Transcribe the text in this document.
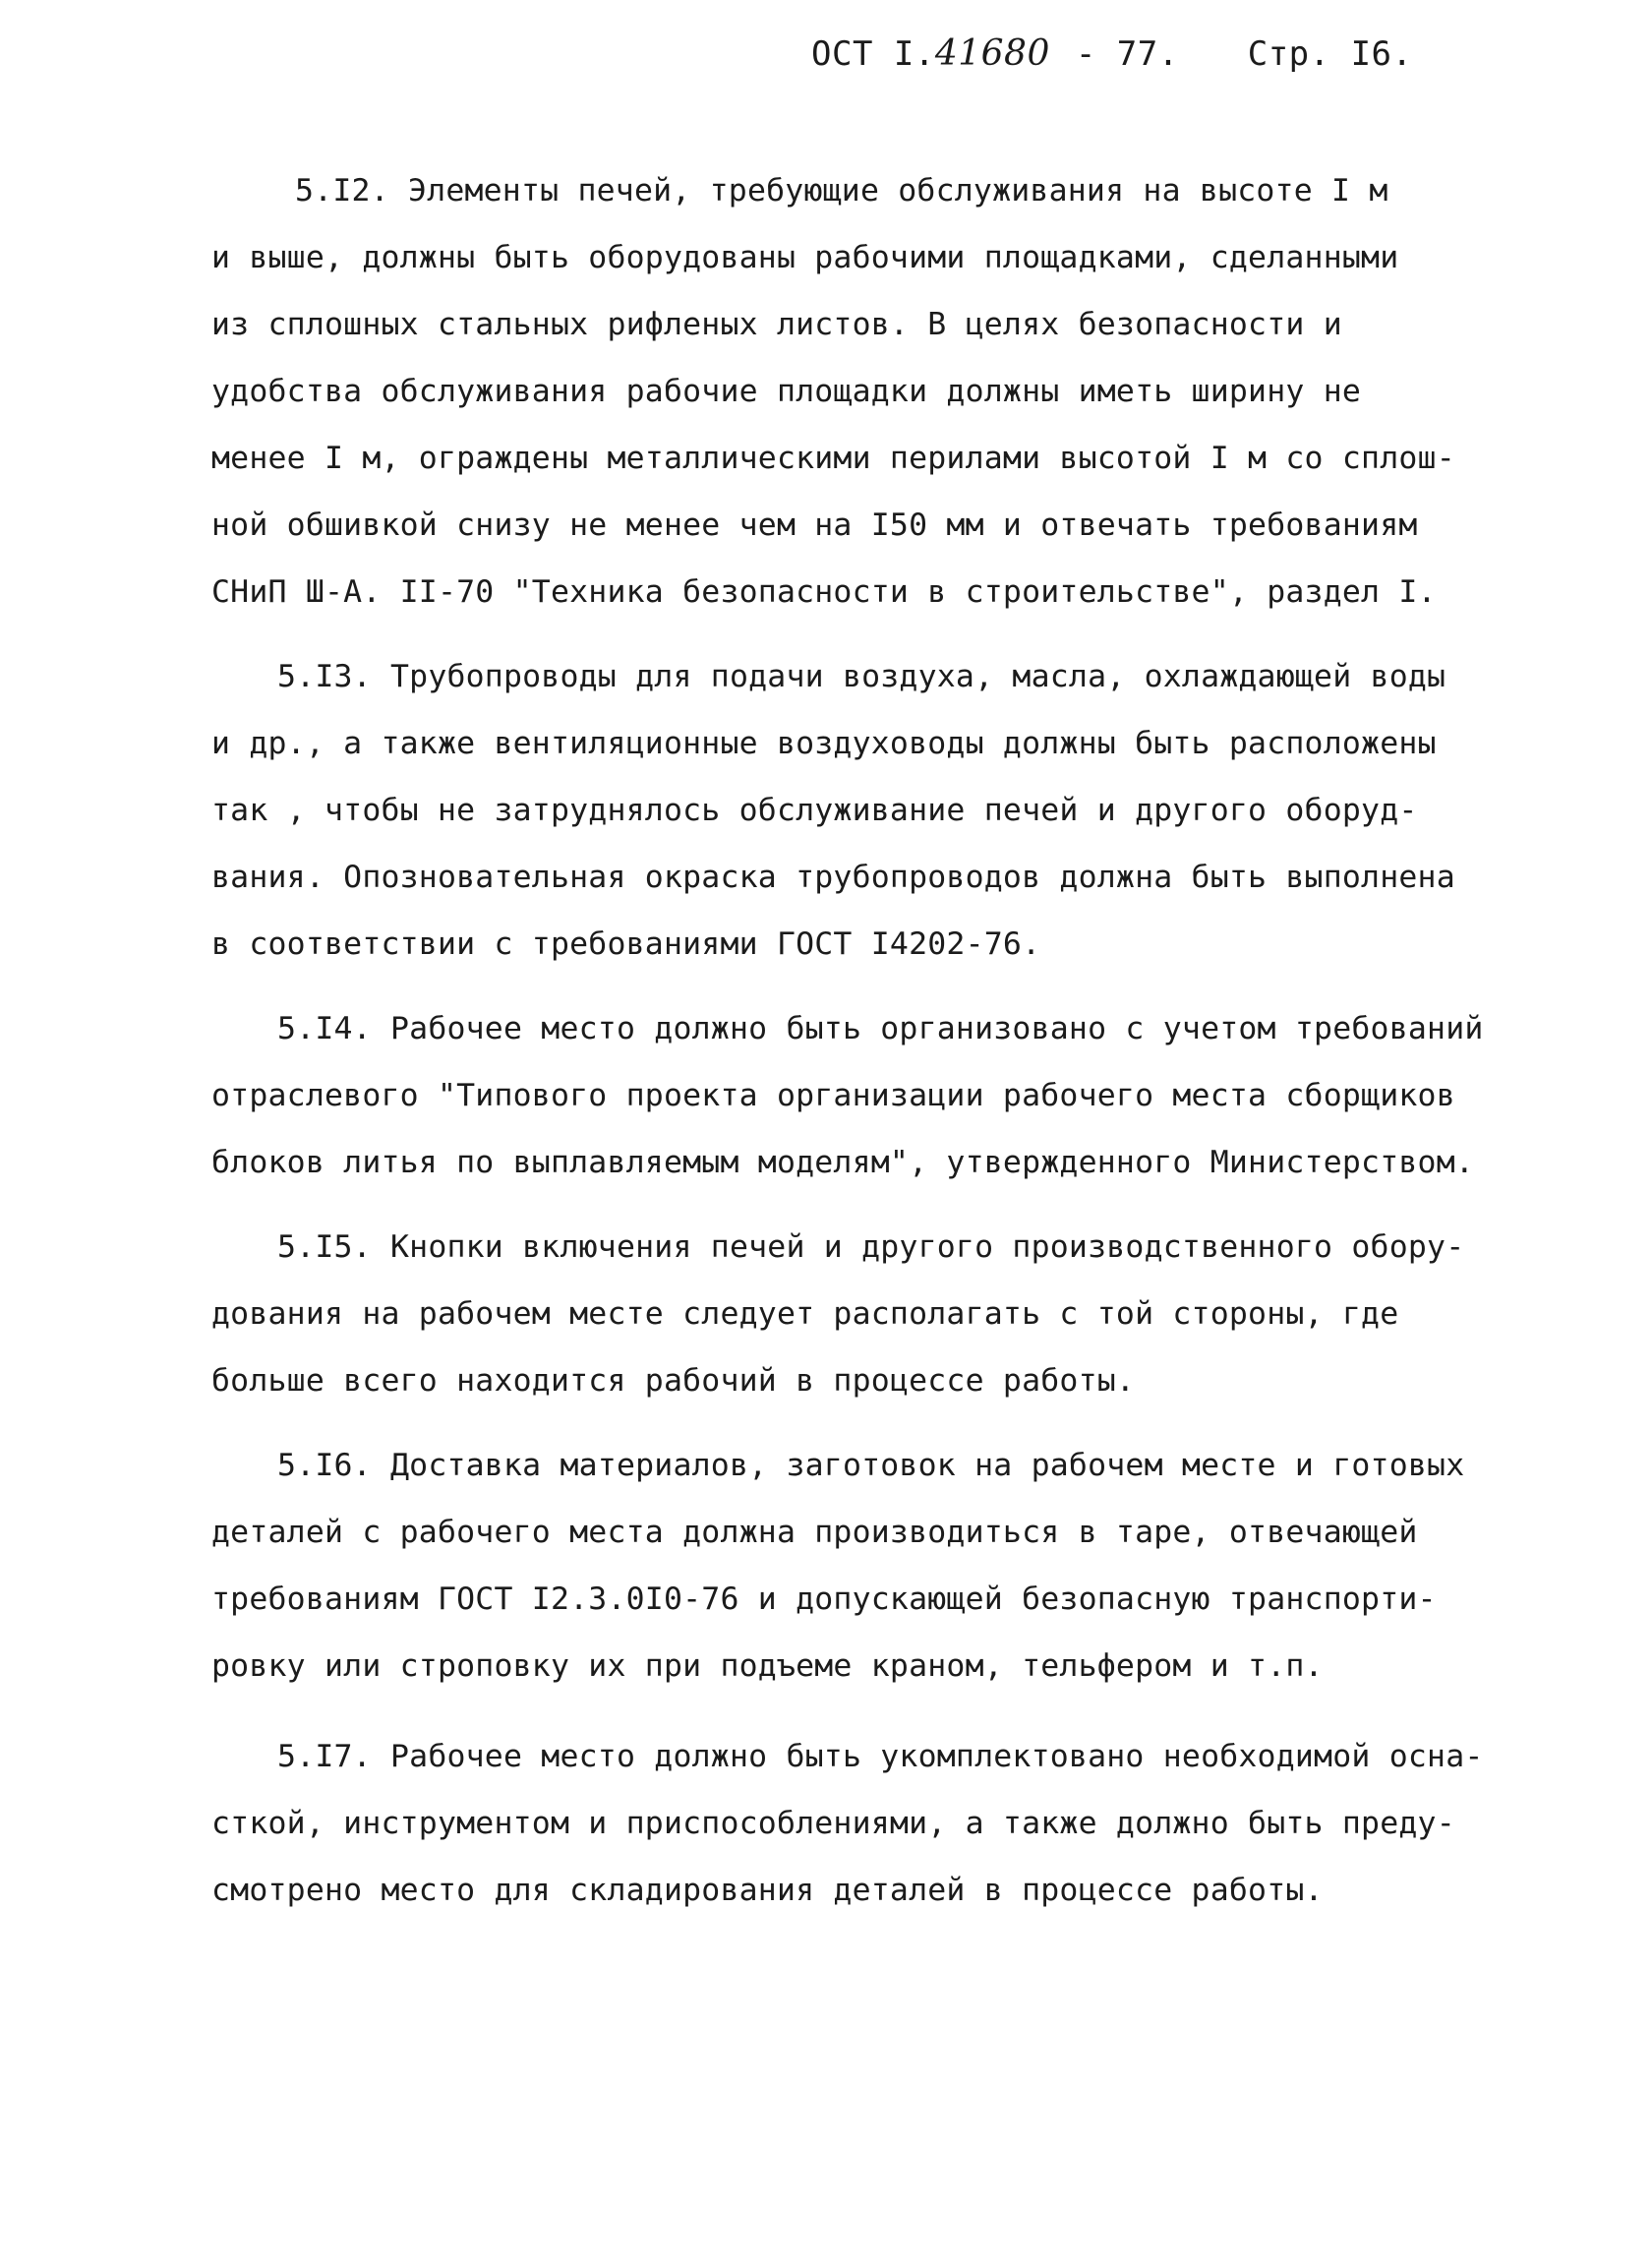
ОСТ I.41680 - 77. Стр. I6.
5.I2. Элементы печей, требующие обслуживания на высоте I м
и выше, должны быть оборудованы рабочими площадками, сделанными
из сплошных стальных рифленых листов. В целях безопасности и
удобства обслуживания рабочие площадки должны иметь ширину не
менее I м, ограждены металлическими перилами высотой I м со сплош-
ной обшивкой снизу не менее чем на I50 мм и отвечать требованиям
СНиП Ш-А. II-70 "Техника безопасности в строительстве", раздел I.
5.I3. Трубопроводы для подачи воздуха, масла, охлаждающей воды
и др., а также вентиляционные воздуховоды должны быть расположены
так , чтобы не затруднялось обслуживание печей и другого оборуд-
вания. Опозновательная окраска трубопроводов должна быть выполнена
в соответствии с требованиями ГОСТ I4202-76.
5.I4. Рабочее место должно быть организовано с учетом требований
отраслевого "Типового проекта организации рабочего места сборщиков
блоков литья по выплавляемым моделям", утвержденного Министерством.
5.I5. Кнопки включения печей и другого производственного обору-
дования на рабочем месте следует располагать с той стороны, где
больше всего находится рабочий в процессе работы.
5.I6. Доставка материалов, заготовок на рабочем месте и готовых
деталей с рабочего места должна производиться в таре, отвечающей
требованиям ГОСТ I2.3.0I0-76 и допускающей безопасную транспорти-
ровку или строповку их при подъеме краном, тельфером и т.п.
5.I7. Рабочее место должно быть укомплектовано необходимой осна-
сткой, инструментом и приспособлениями, а также должно быть преду-
смотрено место для складирования деталей в процессе работы.
